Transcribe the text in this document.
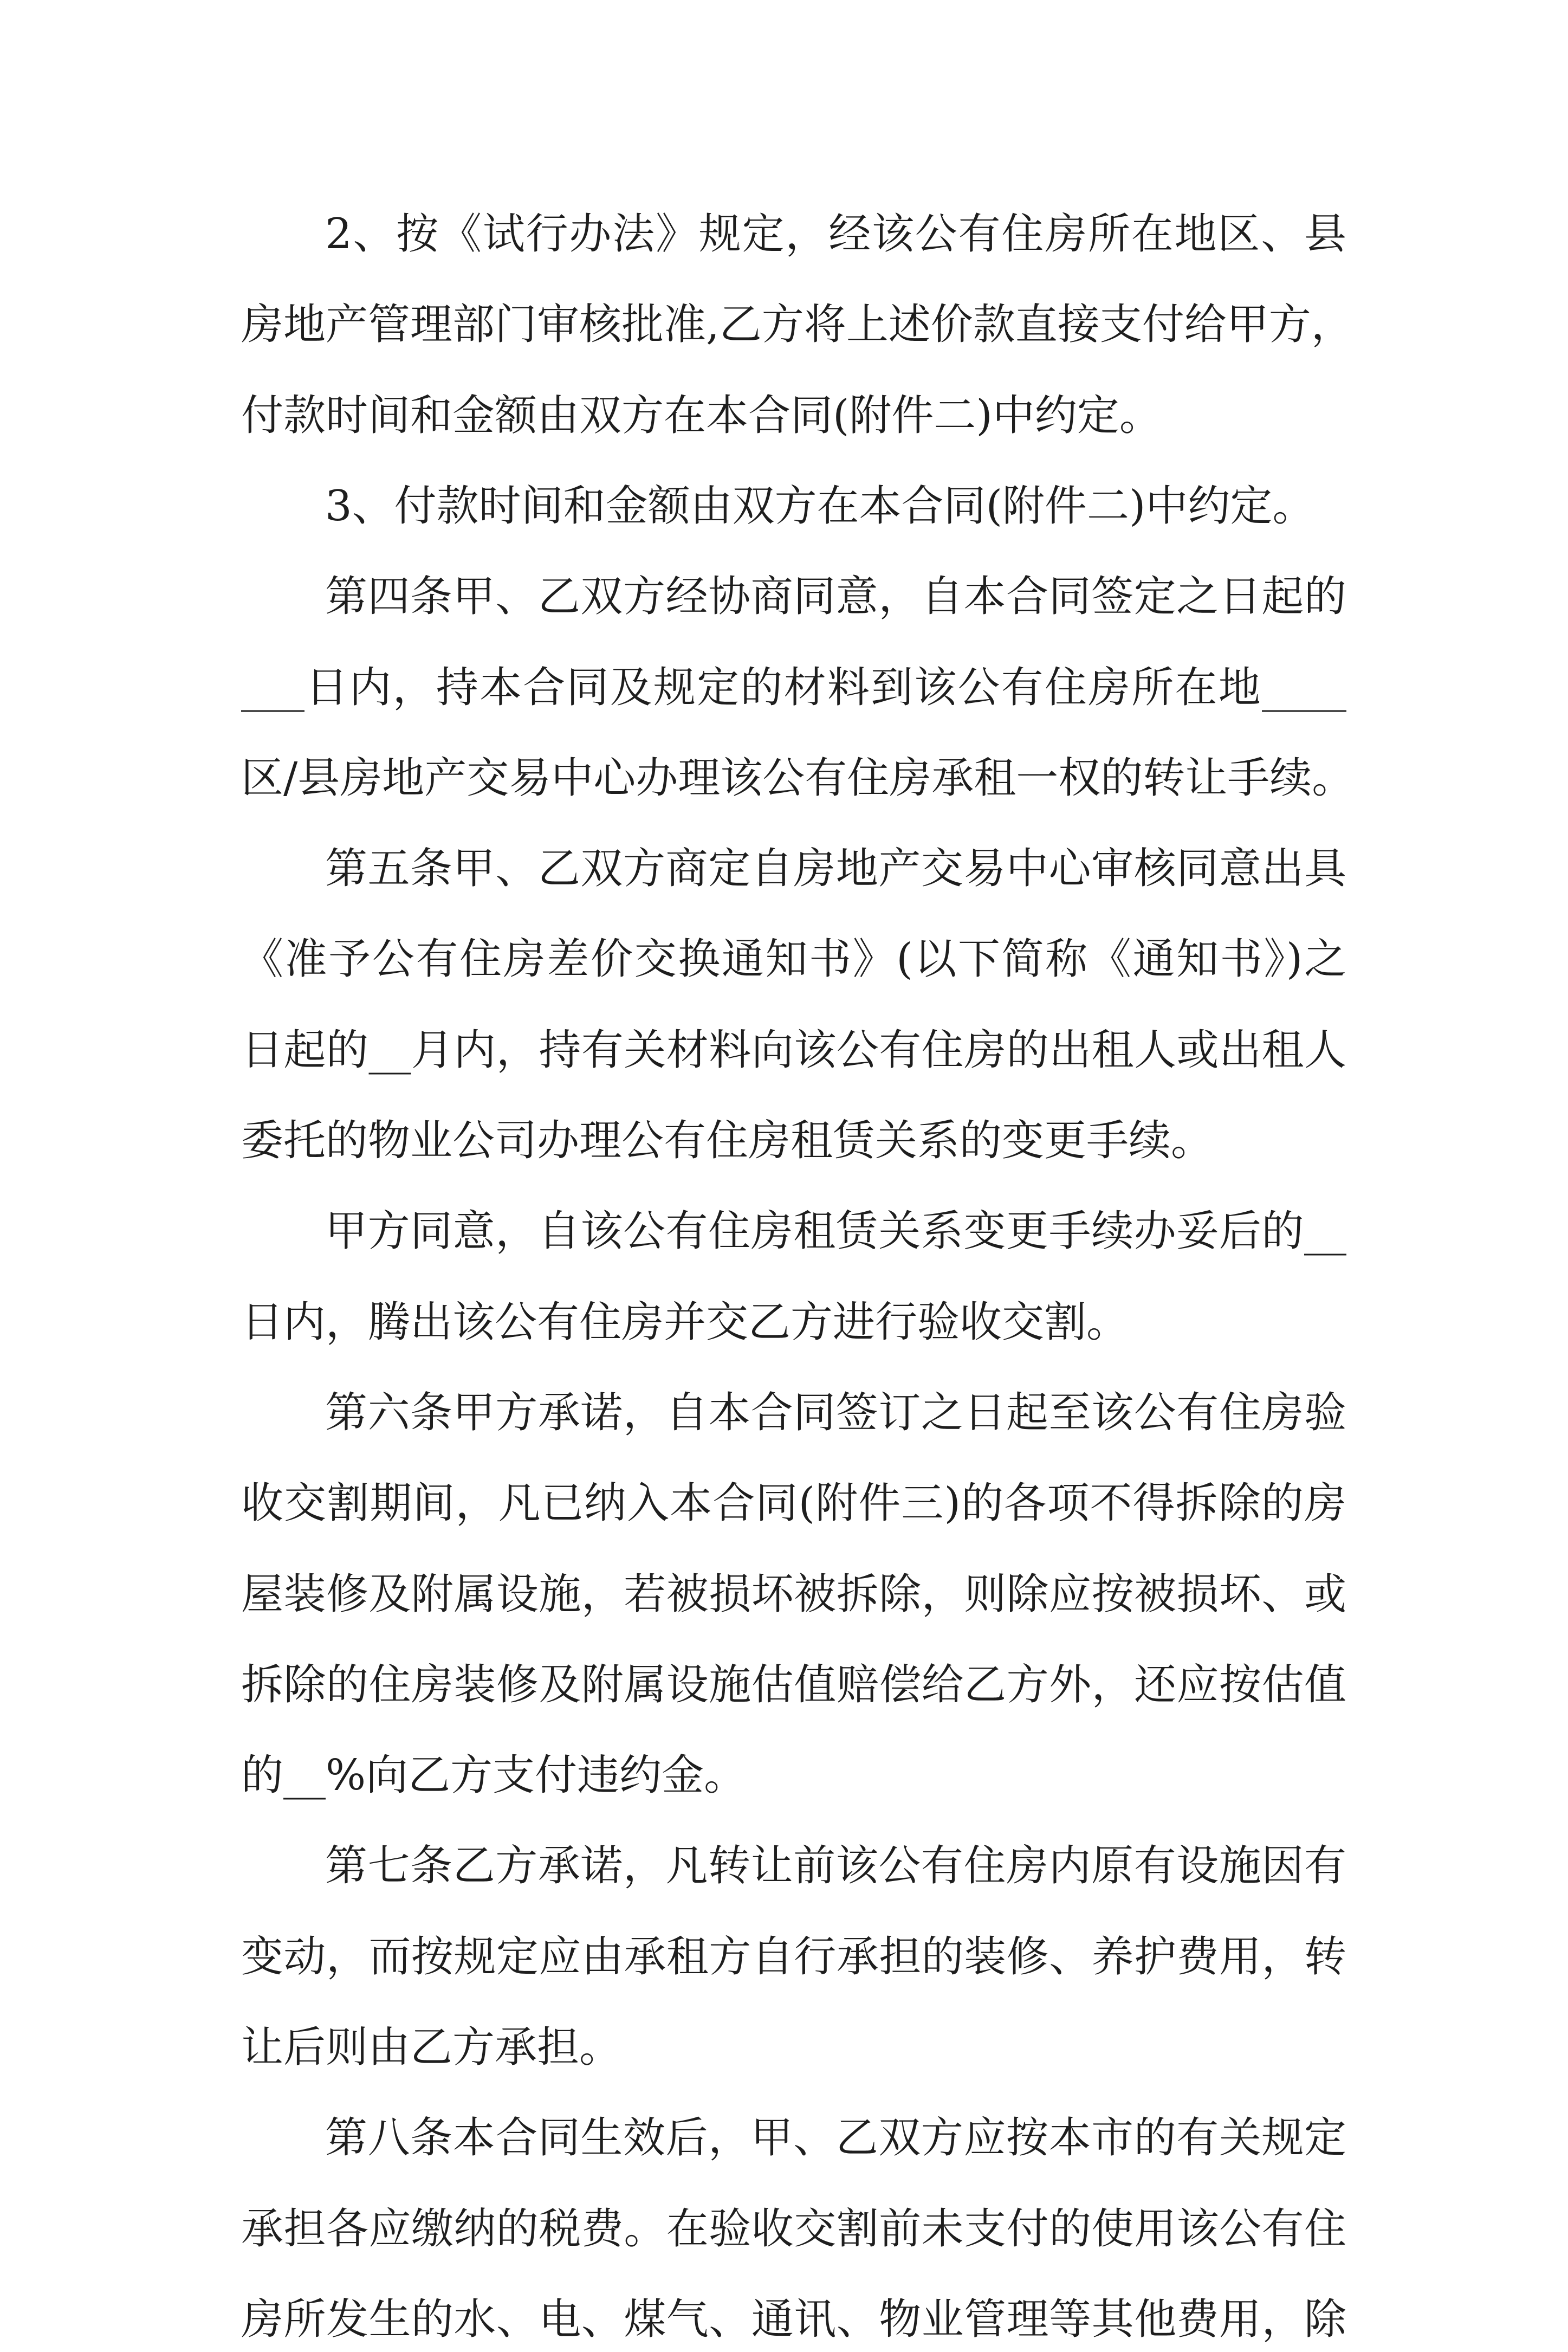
2、按《试行办法》规定，经该公有住房所在地区、县
房地产管理部门审核批准,乙方将上述价款直接支付给甲方，
付款时间和金额由双方在本合同(附件二)中约定。
3、付款时间和金额由双方在本合同(附件二)中约定。
第四条甲、乙双方经协商同意，自本合同签定之日起的
___日内，持本合同及规定的材料到该公有住房所在地____
区/县房地产交易中心办理该公有住房承租一权的转让手续。
第五条甲、乙双方商定自房地产交易中心审核同意出具
《准予公有住房差价交换通知书》(以下简称《通知书》)之
日起的__月内，持有关材料向该公有住房的出租人或出租人
委托的物业公司办理公有住房租赁关系的变更手续。
甲方同意，自该公有住房租赁关系变更手续办妥后的__
日内，腾出该公有住房并交乙方进行验收交割。
第六条甲方承诺，自本合同签订之日起至该公有住房验
收交割期间，凡已纳入本合同(附件三)的各项不得拆除的房
屋装修及附属设施，若被损坏被拆除，则除应按被损坏、或
拆除的住房装修及附属设施估值赔偿给乙方外，还应按估值
的__%向乙方支付违约金。
第七条乙方承诺，凡转让前该公有住房内原有设施因有
变动，而按规定应由承租方自行承担的装修、养护费用，转
让后则由乙方承担。
第八条本合同生效后，甲、乙双方应按本市的有关规定
承担各应缴纳的税费。在验收交割前未支付的使用该公有住
房所发生的水、电、煤气、通讯、物业管理等其他费用，除
